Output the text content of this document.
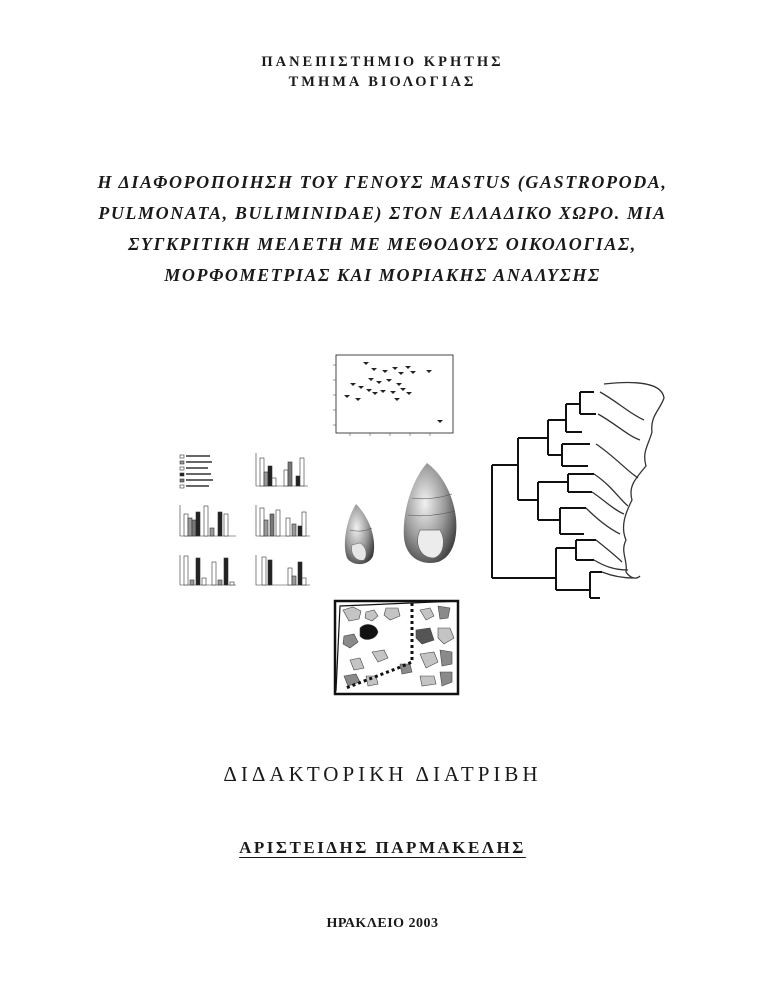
ΠΑΝΕΠΙΣΤΗΜΙΟ ΚΡΗΤΗΣ
ΤΜΗΜΑ ΒΙΟΛΟΓΙΑΣ
Η ΔΙΑΦΟΡΟΠΟΙΗΣΗ ΤΟΥ ΓΕΝΟΥΣ MASTUS (GASTROPODA,
PULMONATA, BULIMINIDAE) ΣΤΟΝ ΕΛΛΑΔΙΚΟ ΧΩΡΟ. ΜΙΑ
ΣΥΓΚΡΙΤΙΚΗ ΜΕΛΕΤΗ ΜΕ ΜΕΘΟΔΟΥΣ ΟΙΚΟΛΟΓΙΑΣ,
ΜΟΡΦΟΜΕΤΡΙΑΣ ΚΑΙ ΜΟΡΙΑΚΗΣ ΑΝΑΛΥΣΗΣ
ΔΙΔΑΚΤΟΡΙΚΗ ΔΙΑΤΡΙΒΗ
ΑΡΙΣΤΕΙΔΗΣ ΠΑΡΜΑΚΕΛΗΣ
ΗΡΑΚΛΕΙΟ 2003
